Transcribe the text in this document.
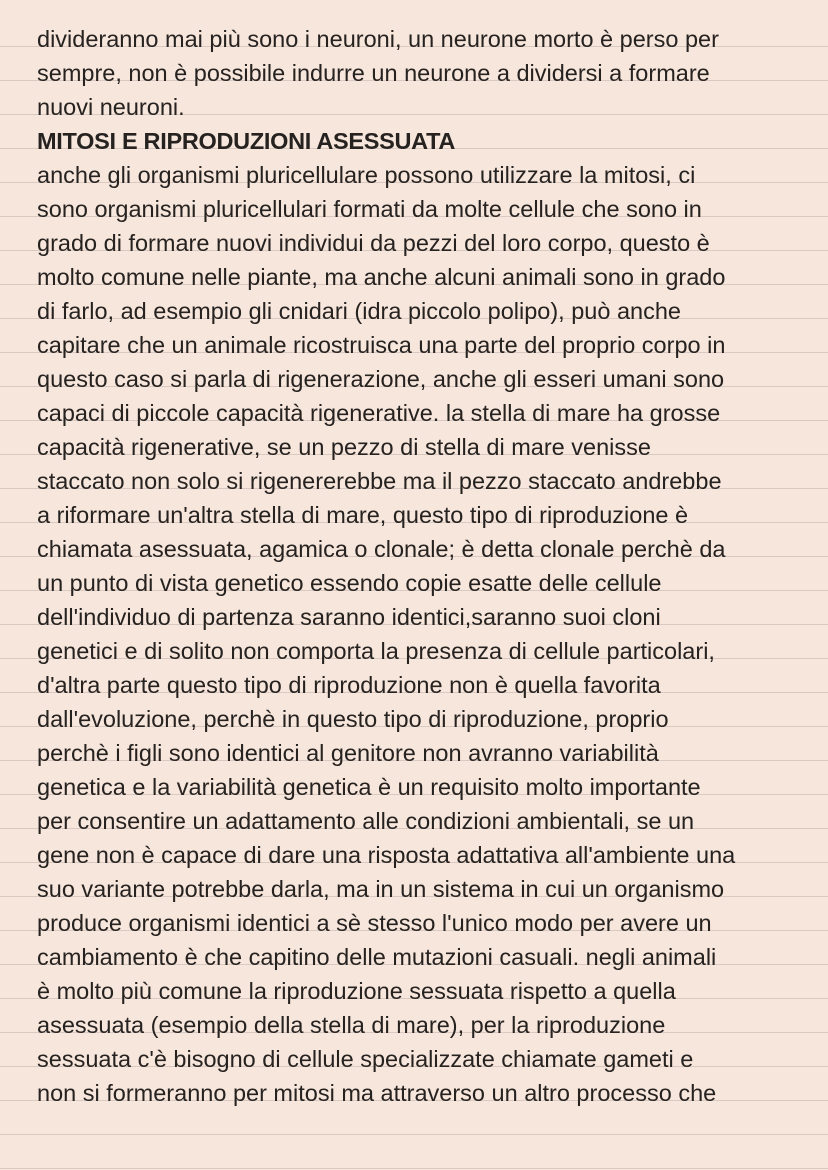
divideranno mai più sono i neuroni, un neurone morto è perso per
sempre, non è possibile indurre un neurone a dividersi a formare
nuovi neuroni.
MITOSI E RIPRODUZIONI ASESSUATA
anche gli organismi pluricellulare possono utilizzare la mitosi, ci
sono organismi pluricellulari formati da molte cellule che sono in
grado di formare nuovi individui da pezzi del loro corpo, questo è
molto comune nelle piante, ma anche alcuni animali sono in grado
di farlo, ad esempio gli cnidari (idra piccolo polipo), può anche
capitare che un animale ricostruisca una parte del proprio corpo in
questo caso si parla di rigenerazione, anche gli esseri umani sono
capaci di piccole capacità rigenerative. la stella di mare ha grosse
capacità rigenerative, se un pezzo di stella di mare venisse
staccato non solo si rigenererebbe ma il pezzo staccato andrebbe
a riformare un'altra stella di mare, questo tipo di riproduzione è
chiamata asessuata, agamica o clonale; è detta clonale perchè da
un punto di vista genetico essendo copie esatte delle cellule
dell'individuo di partenza saranno identici,saranno suoi cloni
genetici e di solito non comporta la presenza di cellule particolari,
d'altra parte questo tipo di riproduzione non è quella favorita
dall'evoluzione, perchè in questo tipo di riproduzione, proprio
perchè i figli sono identici al genitore non avranno variabilità
genetica e la variabilità genetica è un requisito molto importante
per consentire un adattamento alle condizioni ambientali, se un
gene non è capace di dare una risposta adattativa all'ambiente una
suo variante potrebbe darla, ma in un sistema in cui un organismo
produce organismi identici a sè stesso l'unico modo per avere un
cambiamento è che capitino delle mutazioni casuali. negli animali
è molto più comune la riproduzione sessuata rispetto a quella
asessuata (esempio della stella di mare), per la riproduzione
sessuata c'è bisogno di cellule specializzate chiamate gameti e
non si formeranno per mitosi ma attraverso un altro processo che
